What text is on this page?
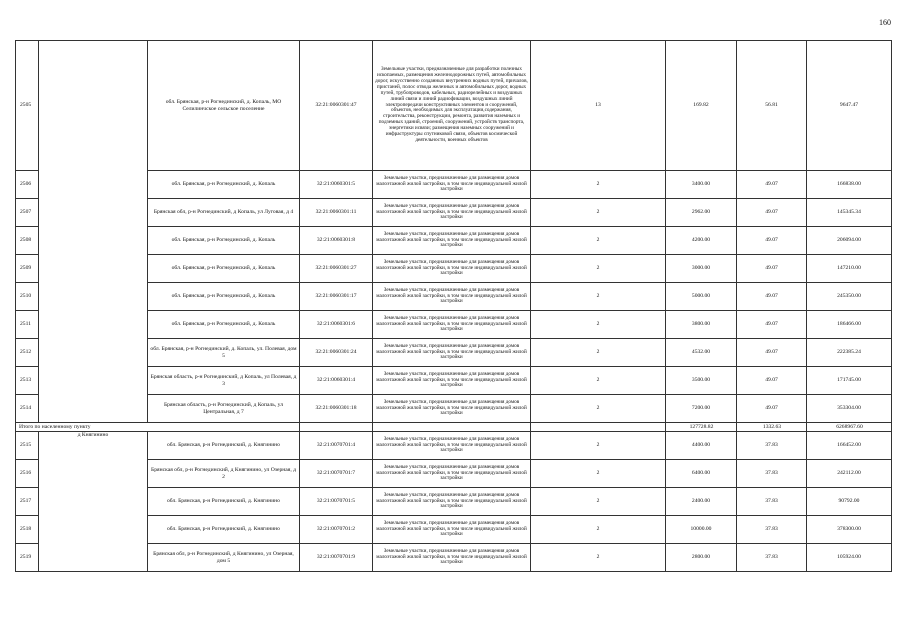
160
2505		обл. Брянская, р-н Рогнединский, д. Копаль, МО Селилинчское сельское поселение	32:21:0060301:47	Земельные участки, предназначенные для разработки полезных ископаемых, размещения железнодорожных путей, автомобильных дорог, искусственно созданных внутренних водных путей, причалов, пристаней, полос отвода железных и автомобильных дорог, водных путей, трубопроводов, кабельных, радиорелейных и воздушных линий связи и линий радиофикации, воздушных линий электропередачи конструктивных элементов и сооружений, объектов, необходимых для эксплуатации,содержания, строительства, реконструкции, ремонта, развития наземных и подземных зданий, строений, сооружений, устройств транспорта, энергетики исвязи; размещения наземных сооружений и инфраструктуры спутниковой связи, объектов космической деятельности, военных объектов	13	169.82	56.81	9647.47
2506		обл. Брянская, р-н Рогнединский, д. Копаль	32:21:0060301:5	Земельные участки, предназначенные для размещения домов малоэтажной жилой застройки, в том числе индивидуальной жилой застройки	2	3400.00	49.07	166838.00
2507		Брянская обл, р-н Рогнединский, д Копаль, ул Луговая, д 4	32:21:0060301:11	Земельные участки, предназначенные для размещения домов малоэтажной жилой застройки, в том числе индивидуальной жилой застройки	2	2962.00	49.07	145345.34
2508		обл. Брянская, р-н Рогнединский, д. Копаль	32:21:0060301:8	Земельные участки, предназначенные для размещения домов малоэтажной жилой застройки, в том числе индивидуальной жилой застройки	2	4200.00	49.07	206094.00
2509		обл. Брянская, р-н Рогнединский, д. Копаль	32:21:0060301:27	Земельные участки, предназначенные для размещения домов малоэтажной жилой застройки, в том числе индивидуальной жилой застройки	2	3000.00	49.07	147210.00
2510		обл. Брянская, р-н Рогнединский, д. Копаль	32:21:0060301:17	Земельные участки, предназначенные для размещения домов малоэтажной жилой застройки, в том числе индивидуальной жилой застройки	2	5000.00	49.07	245350.00
2511		обл. Брянская, р-н Рогнединский, д. Копаль	32:21:0060301:6	Земельные участки, предназначенные для размещения домов малоэтажной жилой застройки, в том числе индивидуальной жилой застройки	2	3800.00	49.07	186466.00
2512		обл. Брянская, р-н Рогнединский, д. Копаль, ул. Полевая, дом 5	32:21:0060301:24	Земельные участки, предназначенные для размещения домов малоэтажной жилой застройки, в том числе индивидуальной жилой застройки	2	4532.00	49.07	222385.24
2513		Брянская область, р-н Рогнединский, д Копаль, ул Полевая, д 3	32:21:0060301:4	Земельные участки, предназначенные для размещения домов малоэтажной жилой застройки, в том числе индивидуальной жилой застройки	2	3500.00	49.07	171745.00
2514		Брянская область, р-н Рогнединский, д Копаль, ул Центральная, д 7	32:21:0060301:18	Земельные участки, предназначенные для размещения домов малоэтажной жилой застройки, в том числе индивидуальной жилой застройки	2	7200.00	49.07	353304.00
Итого по населенному пункту						127728.82	1332.63	6268967.60
2515	д Княгинино	обл. Брянская, р-н Рогнединский, д. Княгинино	32:21:0070701:4	Земельные участки, предназначенные для размещения домов малоэтажной жилой застройки, в том числе индивидуальной жилой застройки	2	4400.00	37.83	166452.00
2516		Брянская обл, р-н Рогнединский, д Княгинино, ул Озерная, д 2	32:21:0070701:7	Земельные участки, предназначенные для размещения домов малоэтажной жилой застройки, в том числе индивидуальной жилой застройки	2	6400.00	37.83	242112.00
2517		обл. Брянская, р-н Рогнединский, д. Княгинино	32:21:0070701:5	Земельные участки, предназначенные для размещения домов малоэтажной жилой застройки, в том числе индивидуальной жилой застройки	2	2400.00	37.83	90792.00
2518		обл. Брянская, р-н Рогнединский, д. Княгинино	32:21:0070701:2	Земельные участки, предназначенные для размещения домов малоэтажной жилой застройки, в том числе индивидуальной жилой застройки	2	10000.00	37.83	378300.00
2519		Брянская обл, р-н Рогнединский, д Княгинино, ул Озерная, дом 5	32:21:0070701:9	Земельные участки, предназначенные для размещения домов малоэтажной жилой застройки, в том числе индивидуальной жилой застройки	2	2800.00	37.83	105924.00
